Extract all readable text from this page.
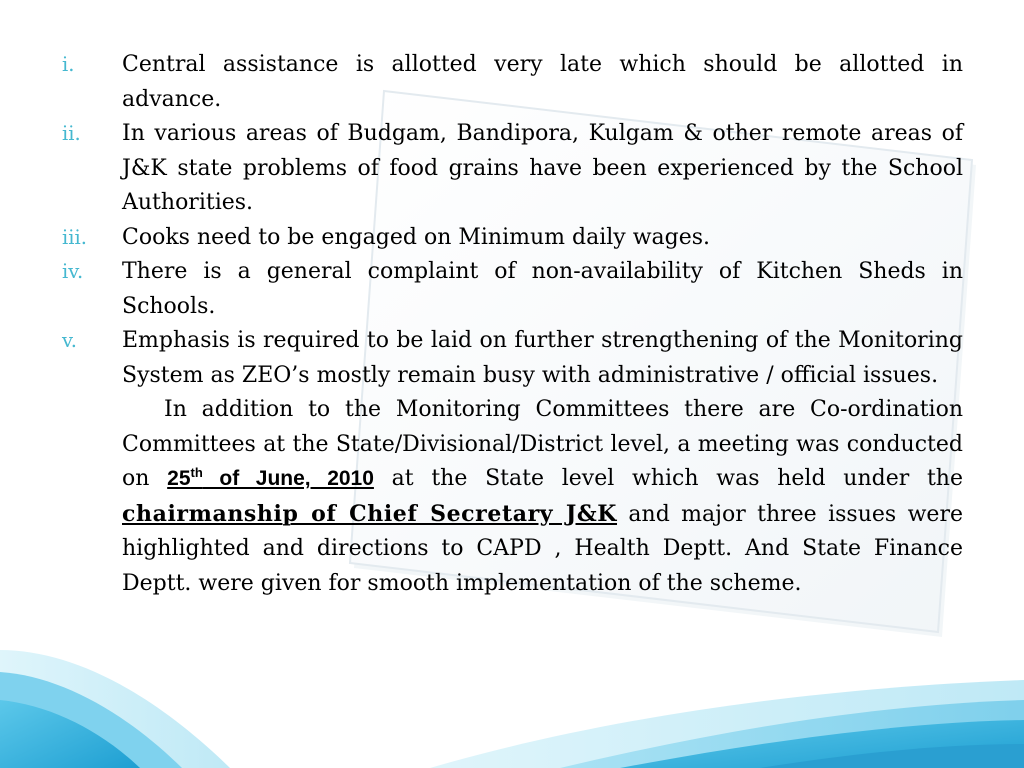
i.	Central assistance is allotted very late which should be allotted in advance.
ii.	In various areas of Budgam, Bandipora, Kulgam & other remote areas of J&K state problems of food grains have been experienced by the School Authorities.
iii.	Cooks need to be engaged on Minimum daily wages.
iv.	There is a general complaint of non-availability of Kitchen Sheds in Schools.
v.	Emphasis is required to be laid on further strengthening of the Monitoring System as ZEO’s mostly remain busy with administrative / official issues.
In addition to the Monitoring Committees there are Co-ordination Committees at the State/Divisional/District level, a meeting was conducted on 25th of June, 2010 at the State level which was held under the chairmanship of Chief Secretary J&K and major three issues were highlighted and directions to CAPD , Health Deptt. And State Finance Deptt. were given for smooth implementation of the scheme.
